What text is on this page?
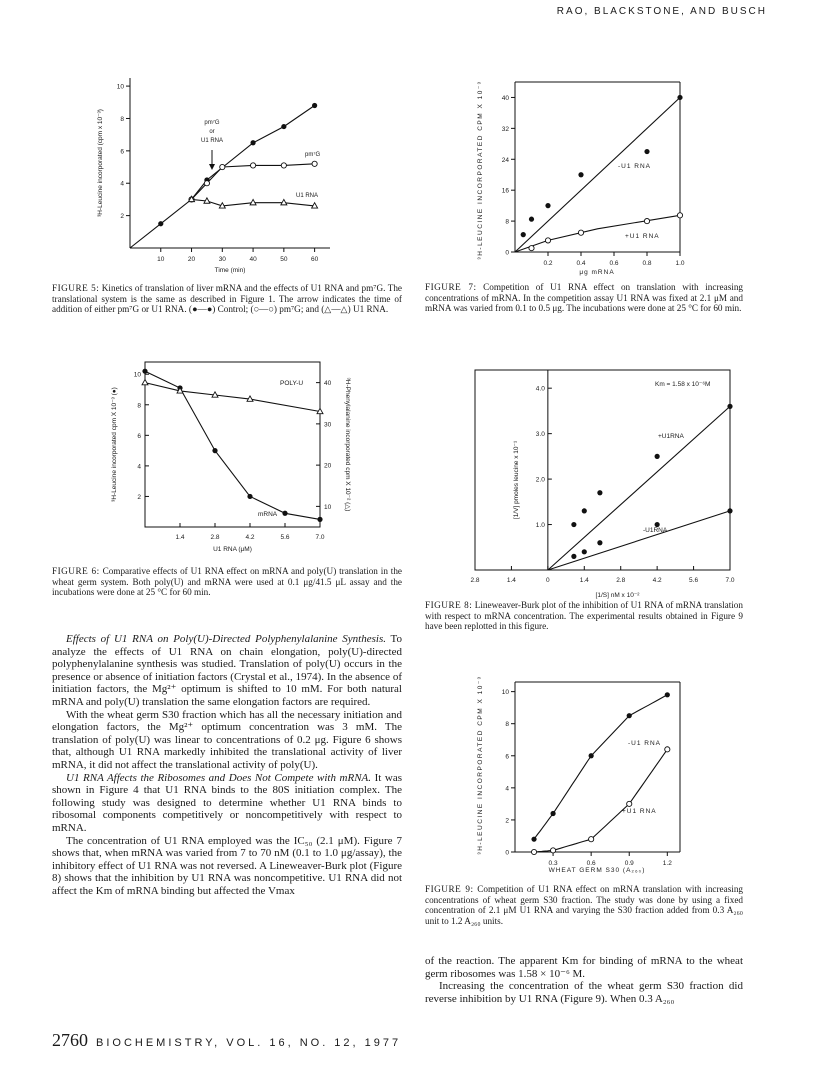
RAO, BLACKSTONE, AND BUSCH
10	20	30	40	50	60
2
4
6
8
10
Time (min)
³H-Leucine incorporated (cpm x 10⁻³)	pm⁷G
or
U1 RNA
pm⁷G
U1 RNA
FIGURE 5: Kinetics of translation of liver mRNA and the effects of U1 RNA and pm⁷G. The translational system is the same as described in Figure 1. The arrow indicates the time of addition of either pm⁷G or U1 RNA. (●—●) Control; (○—○) pm⁷G; and (△—△) U1 RNA.
0.2	0.4	0.6	0.8	1.0
0
8
16
24
32
40
μg mRNA
³H-LEUCINE INCORPORATED CPM X 10⁻³	-U1 RNA
+U1 RNA
FIGURE 7: Competition of U1 RNA effect on translation with increasing concentrations of mRNA. In the competition assay U1 RNA was fixed at 2.1 μM and mRNA was varied from 0.1 to 0.5 μg. The incubations were done at 25 °C for 60 min.
1.4	2.8	4.2	5.6	7.0
2
4
6
8
10
10
20
30
40
U1 RNA (μM)
³H-Leucine incorporated cpm X 10⁻³ (●)	³H-Phenylalanine incorporated cpm X 10⁻² (△)
POLY-U
mRNA
FIGURE 6: Comparative effects of U1 RNA effect on mRNA and poly(U) translation in the wheat germ system. Both poly(U) and mRNA were used at 0.1 μg/41.5 μL assay and the incubations were done at 25 °C for 60 min.
2.8	1.4	0	1.4	2.8	4.2	5.6	7.0
1.0
2.0
3.0
4.0
[1/S] nM x 10⁻²
[1/V] pmoles leucine x 10⁻¹
Km = 1.58 x 10⁻⁶M
+U1RNA
-U1RNA
FIGURE 8: Lineweaver-Burk plot of the inhibition of U1 RNA of mRNA translation with respect to mRNA concentration. The experimental results obtained in Figure 9 have been replotted in this figure.
0.3	0.6	0.9	1.2
0
2
4
6
8
10
WHEAT GERM S30 (A₂₆₀)
³H-LEUCINE INCORPORATED CPM X 10⁻³	-U1 RNA
+U1 RNA
FIGURE 9: Competition of U1 RNA effect on mRNA translation with increasing concentrations of wheat germ S30 fraction. The study was done by using a fixed concentration of 2.1 μM U1 RNA and varying the S30 fraction added from 0.3 A₂₆₀ unit to 1.2 A₂₆₀ units.

Effects of U1 RNA on Poly(U)-Directed Polyphenylalanine Synthesis. To analyze the effects of U1 RNA on chain elongation, poly(U)-directed polyphenylalanine synthesis was studied. Translation of poly(U) occurs in the presence or absence of initiation factors (Crystal et al., 1974). In the absence of initiation factors, the Mg²⁺ optimum is shifted to 10 mM. For both natural mRNA and poly(U) translation the same elongation factors are required.

With the wheat germ S30 fraction which has all the necessary initiation and elongation factors, the Mg²⁺ optimum concentration was 3 mM. The translation of poly(U) was linear to concentrations of 0.2 μg. Figure 6 shows that, although U1 RNA markedly inhibited the translational activity of liver mRNA, it did not affect the translational activity of poly(U).

U1 RNA Affects the Ribosomes and Does Not Compete with mRNA. It was shown in Figure 4 that U1 RNA binds to the 80S initiation complex. The following study was designed to determine whether U1 RNA binds to ribosomal components competitively or noncompetitively with respect to mRNA.

The concentration of U1 RNA employed was the IC₅₀ (2.1 μM). Figure 7 shows that, when mRNA was varied from 7 to 70 nM (0.1 to 1.0 μg/assay), the inhibitory effect of U1 RNA was not reversed. A Lineweaver-Burk plot (Figure 8) shows that the inhibition by U1 RNA was noncompetitive. U1 RNA did not affect the Km of mRNA binding but affected the Vmax

of the reaction. The apparent Km for binding of mRNA to the wheat germ ribosomes was 1.58 × 10⁻⁶ M.

Increasing the concentration of the wheat germ S30 fraction did reverse inhibition by U1 RNA (Figure 9). When 0.3 A₂₆₀

2760 BIOCHEMISTRY, VOL. 16, NO. 12, 1977
